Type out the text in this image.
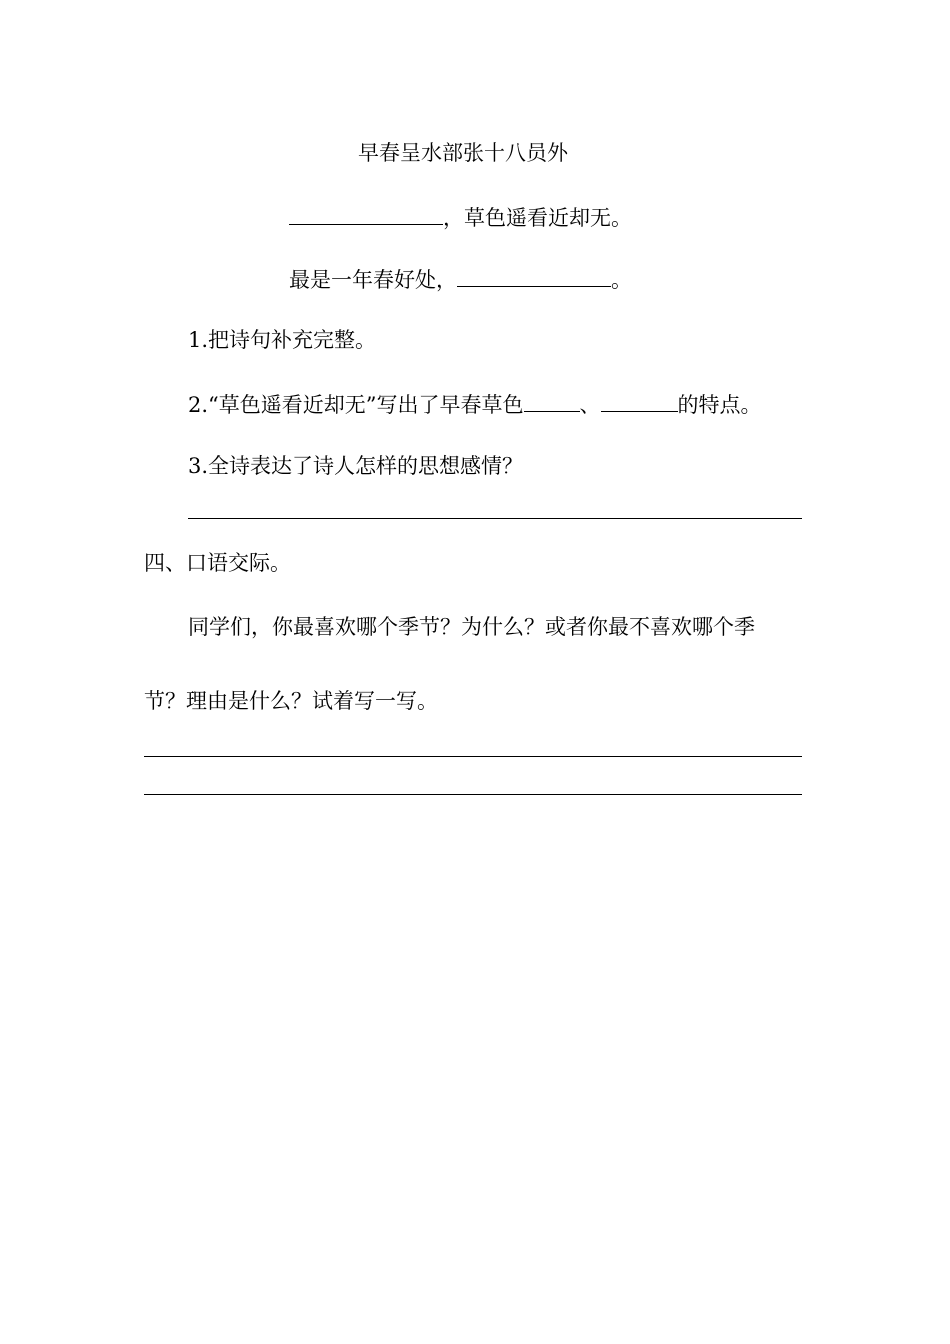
早春呈水部张十八员外
，草色遥看近却无。
最是一年春好处，	。
1.把诗句补充完整。
2.“草色遥看近却无”写出了早春草色	、	的特点。
3.全诗表达了诗人怎样的思想感情？
四、口语交际。
同学们，你最喜欢哪个季节？为什么？或者你最不喜欢哪个季
节？理由是什么？试着写一写。
